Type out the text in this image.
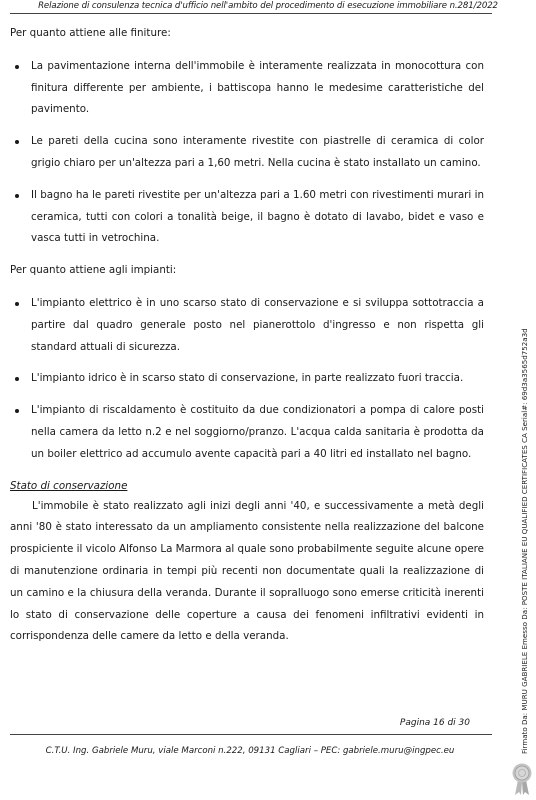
Relazione di consulenza tecnica d'ufficio nell'ambito del procedimento di esecuzione immobiliare n.281/2022

Per quanto attiene alle finiture:

La pavimentazione interna dell'immobile è interamente realizzata in monocottura con finitura differente per ambiente, i battiscopa hanno le medesime caratteristiche del pavimento.
Le pareti della cucina sono interamente rivestite con piastrelle di ceramica di color grigio chiaro per un'altezza pari a 1,60 metri. Nella cucina è stato installato un camino.
Il bagno ha le pareti rivestite per un'altezza pari a 1.60 metri con rivestimenti murari in ceramica, tutti con colori a tonalità beige, il bagno è dotato di lavabo, bidet e vaso e vasca tutti in vetrochina.

Per quanto attiene agli impianti:

L'impianto elettrico è in uno scarso stato di conservazione e si sviluppa sottotraccia a partire dal quadro generale posto nel pianerottolo d'ingresso e non rispetta gli standard attuali di sicurezza.
L'impianto idrico è in scarso stato di conservazione, in parte realizzato fuori traccia.
L'impianto di riscaldamento è costituito da due condizionatori a pompa di calore posti nella camera da letto n.2 e nel soggiorno/pranzo. L'acqua calda sanitaria è prodotta da un boiler elettrico ad accumulo avente capacità pari a 40 litri ed installato nel bagno.

Stato di conservazione

L'immobile è stato realizzato agli inizi degli anni '40, e successivamente a metà degli anni '80 è stato interessato da un ampliamento consistente nella realizzazione del balcone prospiciente il vicolo Alfonso La Marmora al quale sono probabilmente seguite alcune opere di manutenzione ordinaria in tempi più recenti non documentate quali la realizzazione di un camino e la chiusura della veranda. Durante il sopralluogo sono emerse criticità inerenti lo stato di conservazione delle coperture a causa dei fenomeni infiltrativi evidenti in corrispondenza delle camere da letto e della veranda.

Pagina 16 di 30
C.T.U. Ing. Gabriele Muru, viale Marconi n.222, 09131 Cagliari – PEC: gabriele.muru@ingpec.eu	Firmato Da: MURU GABRIELE Emesso Da: POSTE ITALIANE EU QUALIFIED CERTIFICATES CA Serial#: 69d3a3565d752a3d
